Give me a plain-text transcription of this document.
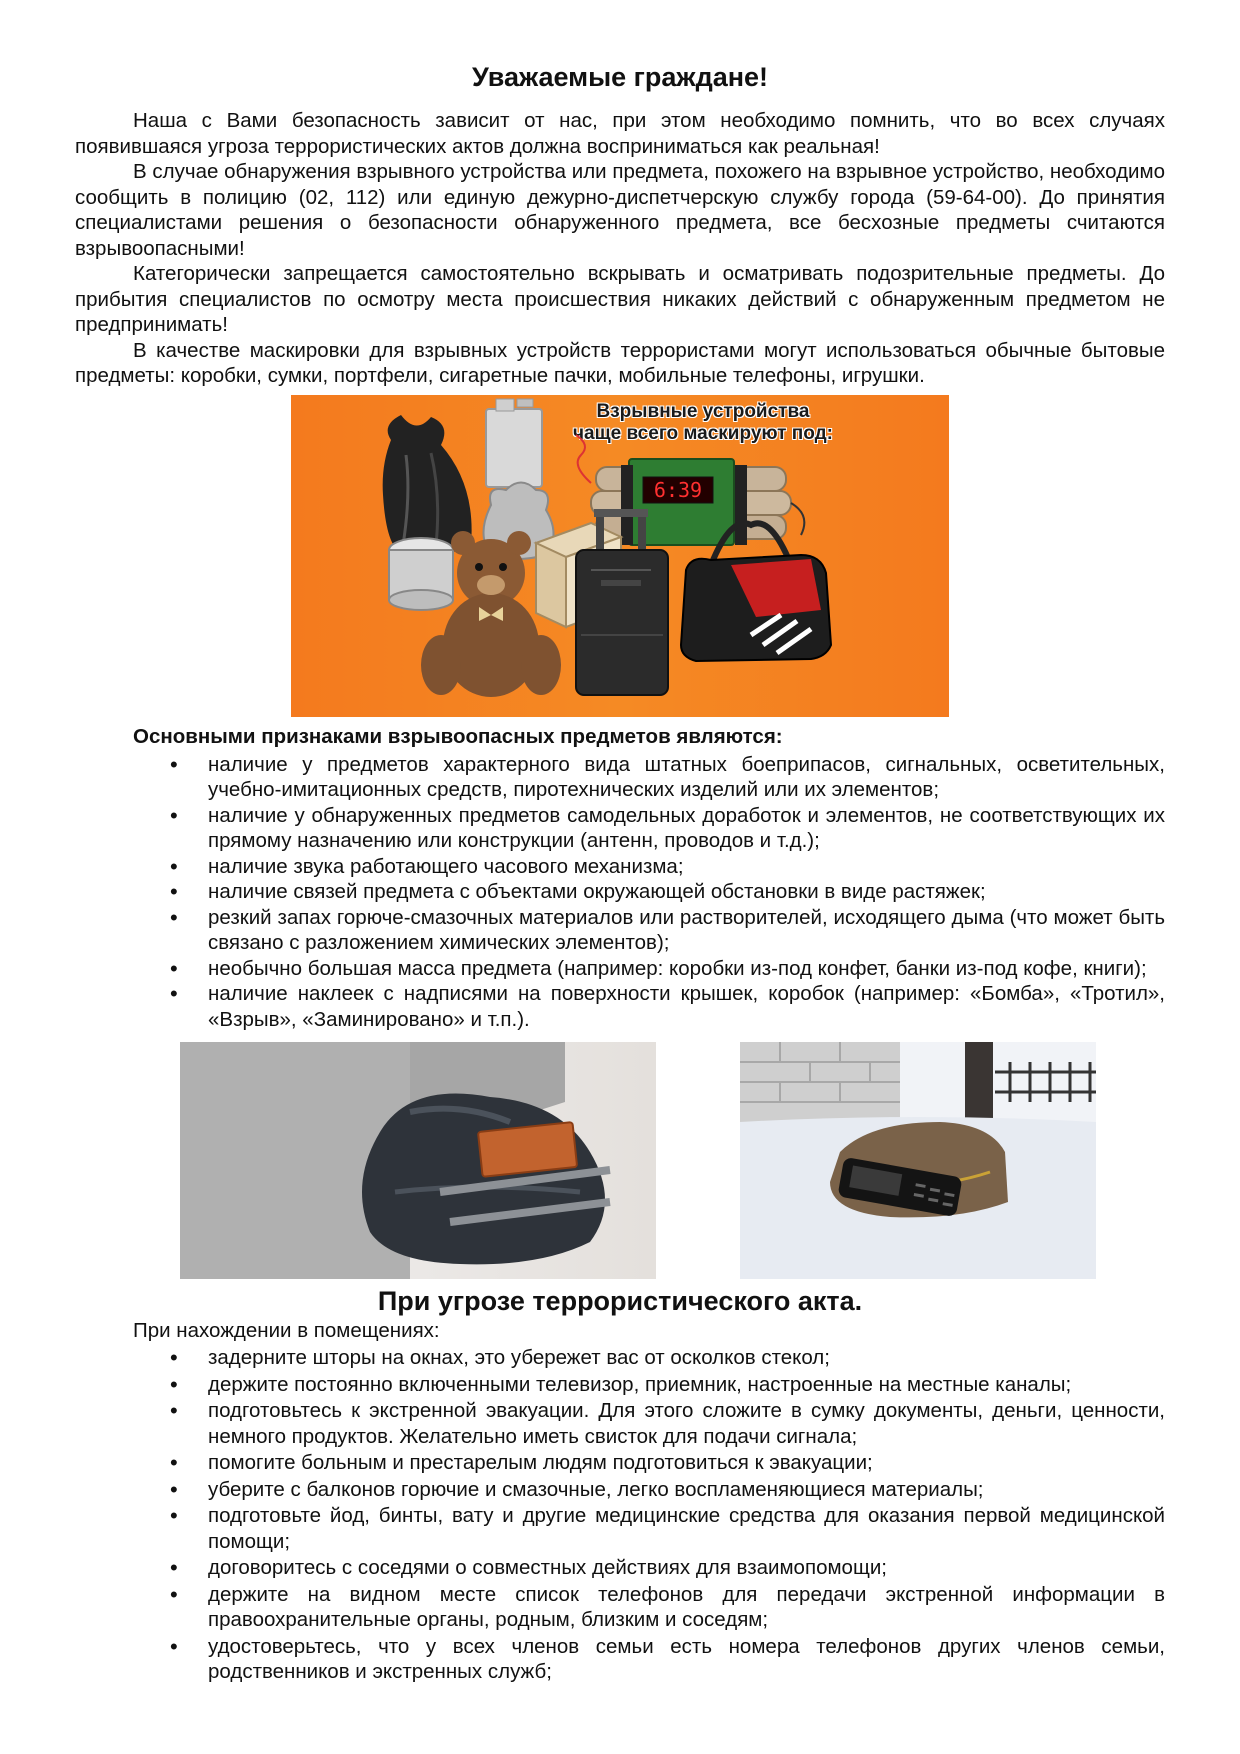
Уважаемые граждане!

Наша с Вами безопасность зависит от нас, при этом необходимо помнить, что во всех случаях появившаяся угроза террористических актов должна восприниматься как реальная!

В случае обнаружения взрывного устройства или предмета, похожего на взрывное устройство, необходимо сообщить в полицию (02, 112) или единую дежурно-диспетчерскую службу города (59-64-00). До принятия специалистами решения о безопасности обнаруженного предмета, все бесхозные предметы считаются взрывоопасными!

Категорически запрещается самостоятельно вскрывать и осматривать подозрительные предметы. До прибытия специалистов по осмотру места происшествия никаких действий с обнаруженным предметом не предпринимать!

В качестве маскировки для взрывных устройств террористами могут использоваться обычные бытовые предметы: коробки, сумки, портфели, сигаретные пачки, мобильные телефоны, игрушки.

Взрывные устройства
чаще всего маскируют под:
6:39
Основными признаками взрывоопасных предметов являются:
• наличие у предметов характерного вида штатных боеприпасов, сигнальных, осветительных, учебно-имитационных средств, пиротехнических изделий или их элементов;
• наличие у обнаруженных предметов самодельных доработок и элементов, не соответствующих их прямому назначению или конструкции (антенн, проводов и т.д.);
• наличие звука работающего часового механизма;
• наличие связей предмета с объектами окружающей обстановки в виде растяжек;
• резкий запах горюче-смазочных материалов или растворителей, исходящего дыма (что может быть связано с разложением химических элементов);
• необычно большая масса предмета (например: коробки из-под конфет, банки из-под кофе, книги);
• наличие наклеек с надписями на поверхности крышек, коробок (например: «Бомба», «Тротил», «Взрыв», «Заминировано» и т.п.).
При угрозе террористического акта.
При нахождении в помещениях:
• задерните шторы на окнах, это убережет вас от осколков стекол;
• держите постоянно включенными телевизор, приемник, настроенные на местные каналы;
• подготовьтесь к экстренной эвакуации. Для этого сложите в сумку документы, деньги, ценности, немного продуктов. Желательно иметь свисток для подачи сигнала;
• помогите больным и престарелым людям подготовиться к эвакуации;
• уберите с балконов горючие и смазочные, легко воспламеняющиеся материалы;
• подготовьте йод, бинты, вату и другие медицинские средства для оказания первой медицинской помощи;
• договоритесь с соседями о совместных действиях для взаимопомощи;
• держите на видном месте список телефонов для передачи экстренной информации в правоохранительные органы, родным, близким и соседям;
• удостоверьтесь, что у всех членов семьи есть номера телефонов других членов семьи, родственников и экстренных служб;
